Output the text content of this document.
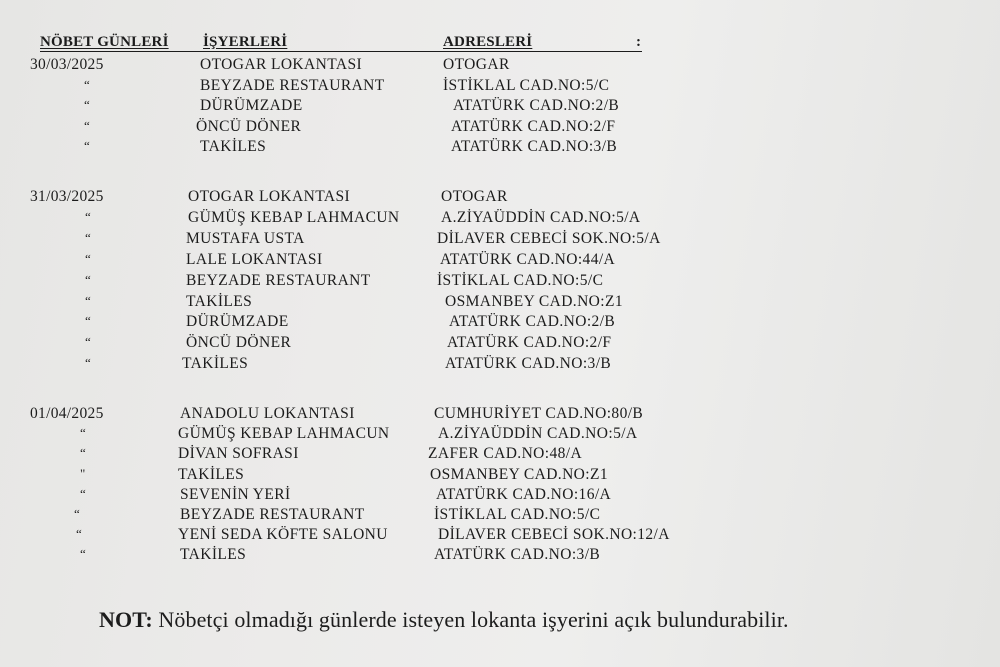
NÖBET GÜNLERİ İŞYERLERİ	ADRESLERİ	:
30/03/2025	OTOGAR LOKANTASI	OTOGAR
“	BEYZADE RESTAURANT	İSTİKLAL CAD.NO:5/C
“	DÜRÜMZADE	ATATÜRK CAD.NO:2/B
“	ÖNCÜ DÖNER	ATATÜRK CAD.NO:2/F
“	TAKİLES	ATATÜRK CAD.NO:3/B
31/03/2025	OTOGAR LOKANTASI	OTOGAR
“	GÜMÜŞ KEBAP LAHMACUN	A.ZİYAÜDDİN CAD.NO:5/A
“	MUSTAFA USTA	DİLAVER CEBECİ SOK.NO:5/A
“	LALE LOKANTASI	ATATÜRK CAD.NO:44/A
“	BEYZADE RESTAURANT	İSTİKLAL CAD.NO:5/C
“	TAKİLES	OSMANBEY CAD.NO:Z1
“	DÜRÜMZADE	ATATÜRK CAD.NO:2/B
“	ÖNCÜ DÖNER	ATATÜRK CAD.NO:2/F
“	TAKİLES	ATATÜRK CAD.NO:3/B
01/04/2025	ANADOLU LOKANTASI	CUMHURİYET CAD.NO:80/B
“	GÜMÜŞ KEBAP LAHMACUN	A.ZİYAÜDDİN CAD.NO:5/A
“	DİVAN SOFRASI	ZAFER CAD.NO:48/A
"	TAKİLES	OSMANBEY CAD.NO:Z1
“	SEVENİN YERİ	ATATÜRK CAD.NO:16/A
“	BEYZADE RESTAURANT	İSTİKLAL CAD.NO:5/C
“	YENİ SEDA KÖFTE SALONU	DİLAVER CEBECİ SOK.NO:12/A
“	TAKİLES	ATATÜRK CAD.NO:3/B
NOT: Nöbetçi olmadığı günlerde isteyen lokanta işyerini açık bulundurabilir.
